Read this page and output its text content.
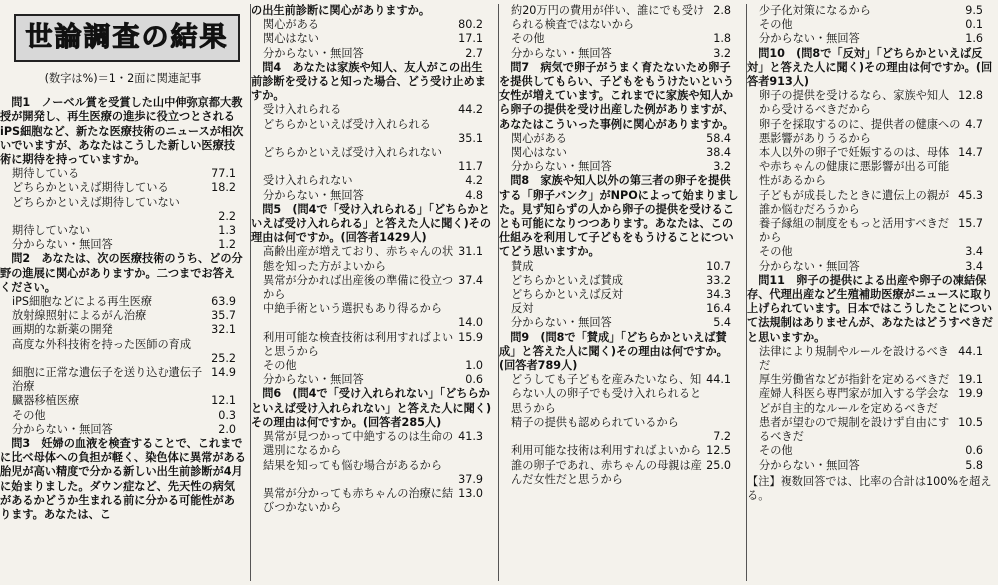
世論調査の結果
(数字は%)＝1・2面に関連記事

問1　ノーベル賞を受賞した山中伸弥京都大教授が開発し、再生医療の進歩に役立つとされるiPS細胞など、新たな医療技術のニュースが相次いでいますが、あなたはこうした新しい医療技術に期待を持っていますか。

期待している	77.1
どちらかといえば期待している	18.2
どちらかといえば期待していない
2.2
期待していない	1.3
分からない・無回答	1.2

問2　あなたは、次の医療技術のうち、どの分野の進展に関心がありますか。二つまでお答えください。

iPS細胞などによる再生医療	63.9
放射線照射によるがん治療	35.7
画期的な新薬の開発	32.1
高度な外科技術を持った医師の育成
25.2
細胞に正常な遺伝子を送り込む遺伝子治療
14.9
臓器移植医療	12.1
その他	0.3
分からない・無回答	2.0

問3　妊婦の血液を検査することで、これまでに比べ母体への負担が軽く、染色体に異常がある胎児が高い精度で分かる新しい出生前診断が4月に始まりました。ダウン症など、先天性の病気があるかどうか生まれる前に分かる可能性があります。あなたは、こ

の出生前診断に関心がありますか。

関心がある	80.2
関心はない	17.1
分からない・無回答	2.7

問4　あなたは家族や知人、友人がこの出生前診断を受けると知った場合、どう受け止めますか。

受け入れられる	44.2
どちらかといえば受け入れられる
35.1
どちらかといえば受け入れられない
11.7
受け入れられない	4.2
分からない・無回答	4.8

問5　(問4で「受け入れられる」「どちらかといえば受け入れられる」と答えた人に聞く)その理由は何ですか。(回答者1429人)

高齢出産が増えており、赤ちゃんの状態を知った方がよいから
31.1
異常が分かれば出産後の準備に役立つから
37.4
中絶手術という選択もあり得るから
14.0
利用可能な検査技術は利用すればよいと思うから
15.9
その他	1.0
分からない・無回答	0.6

問6　(問4で「受け入れられない」「どちらかといえば受け入れられない」と答えた人に聞く)その理由は何ですか。(回答者285人)

異常が見つかって中絶するのは生命の選別になるから
41.3
結果を知っても悩む場合があるから
37.9
異常が分かっても赤ちゃんの治療に結びつかないから
13.0
約20万円の費用が伴い、誰にでも受けられる検査ではないから
2.8
その他	1.8
分からない・無回答	3.2

問7　病気で卵子がうまく育たないため卵子を提供してもらい、子どもをもうけたいという女性が増えています。これまでに家族や知人から卵子の提供を受け出産した例がありますが、あなたはこういった事例に関心がありますか。

関心がある	58.4
関心はない	38.4
分からない・無回答	3.2

問8　家族や知人以外の第三者の卵子を提供する「卵子バンク」がNPOによって始まりました。見ず知らずの人から卵子の提供を受けることも可能になりつつあります。あなたは、この仕組みを利用して子どもをもうけることについてどう思いますか。

賛成	10.7
どちらかといえば賛成	33.2
どちらかといえば反対	34.3
反対	16.4
分からない・無回答	5.4

問9　(問8で「賛成」「どちらかといえば賛成」と答えた人に聞く)その理由は何ですか。(回答者789人)

どうしても子どもを産みたいなら、知らない人の卵子でも受け入れられると思うから
44.1
精子の提供も認められているから
7.2
利用可能な技術は利用すればよいから 12.5
誰の卵子であれ、赤ちゃんの母親は産んだ女性だと思うから
25.0
少子化対策になるから	9.5
その他	0.1
分からない・無回答	1.6

問10　(問8で「反対」「どちらかといえば反対」と答えた人に聞く)その理由は何ですか。(回答者913人)

卵子の提供を受けるなら、家族や知人から受けるべきだから
12.8
卵子を採取するのに、提供者の健康への悪影響がありうるから
4.7
本人以外の卵子で妊娠するのは、母体や赤ちゃんの健康に悪影響が出る可能性があるから
14.7
子どもが成長したときに遺伝上の親が誰か悩むだろうから
45.3
養子縁組の制度をもっと活用すべきだから
15.7
その他	3.4
分からない・無回答	3.4

問11　卵子の提供による出産や卵子の凍結保存、代理出産など生殖補助医療がニュースに取り上げられています。日本ではこうしたことについて法規制はありませんが、あなたはどうすべきだと思いますか。

法律により規制やルールを設けるべきだ
44.1
厚生労働省などが指針を定めるべきだ 19.1
産婦人科医ら専門家が加入する学会などが自主的なルールを定めるべきだ
19.9
患者が望むので規制を設けず自由にするべきだ
10.5
その他	0.6
分からない・無回答	5.8
【注】複数回答では、比率の合計は100%を超える。
